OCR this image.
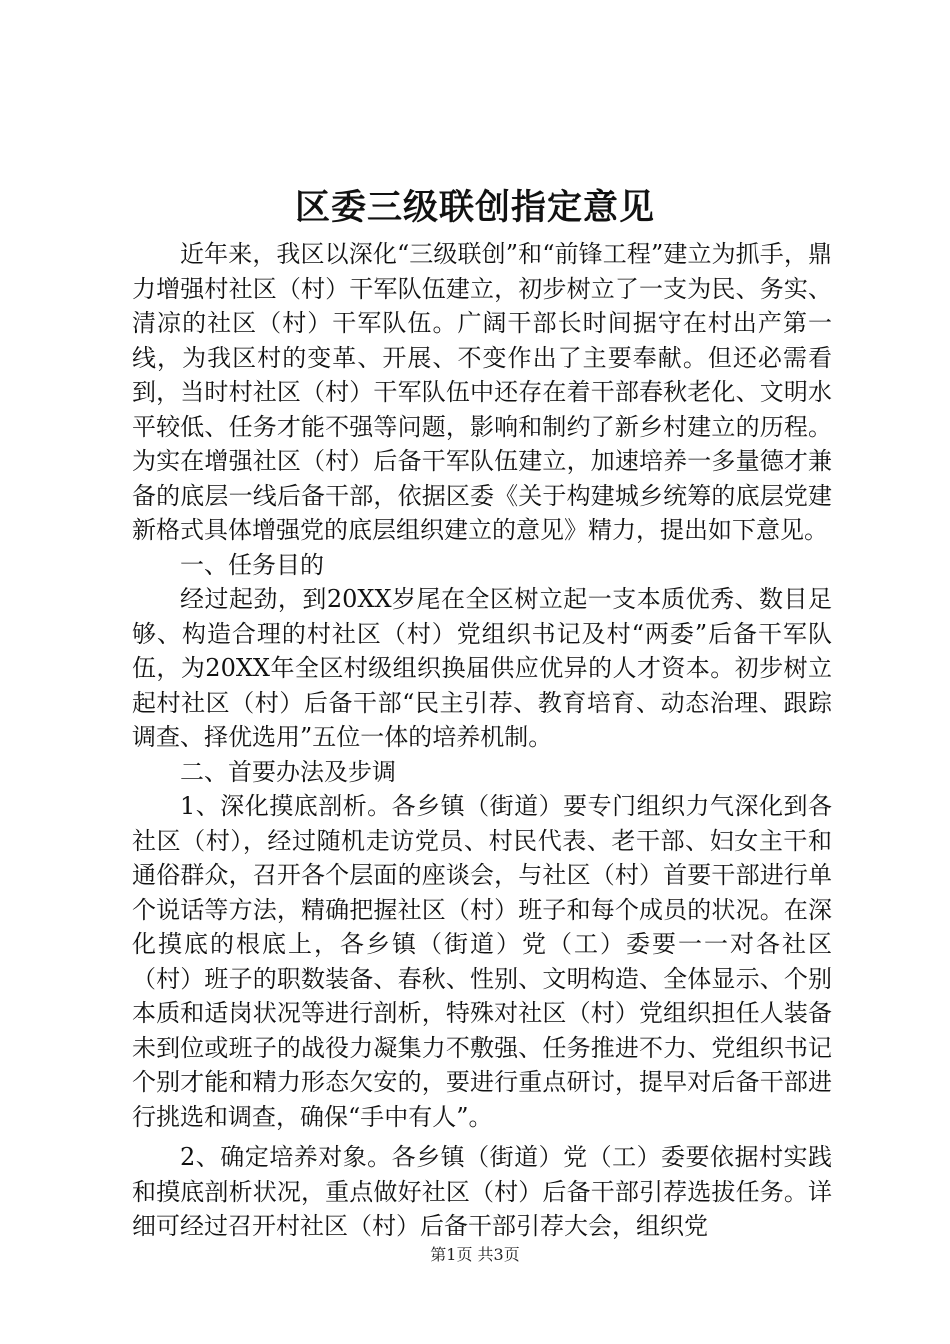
区委三级联创指定意见

近年来，我区以深化“三级联创”和“前锋工程”建立为抓手，鼎力增强村社区（村）干军队伍建立，初步树立了一支为民、务实、清凉的社区（村）干军队伍。广阔干部长时间据守在村出产第一线，为我区村的变革、开展、不变作出了主要奉献。但还必需看到，当时村社区（村）干军队伍中还存在着干部春秋老化、文明水平较低、任务才能不强等问题，影响和制约了新乡村建立的历程。为实在增强社区（村）后备干军队伍建立，加速培养一多量德才兼备的底层一线后备干部，依据区委《关于构建城乡统筹的底层党建新格式具体增强党的底层组织建立的意见》精力，提出如下意见。

一、任务目的

经过起劲，到20XX岁尾在全区树立起一支本质优秀、数目足够、构造合理的村社区（村）党组织书记及村“两委”后备干军队伍，为20XX年全区村级组织换届供应优异的人才资本。初步树立起村社区（村）后备干部“民主引荐、教育培育、动态治理、跟踪调查、择优选用”五位一体的培养机制。

二、首要办法及步调

1、深化摸底剖析。各乡镇（街道）要专门组织力气深化到各社区（村），经过随机走访党员、村民代表、老干部、妇女主干和通俗群众，召开各个层面的座谈会，与社区（村）首要干部进行单个说话等方法，精确把握社区（村）班子和每个成员的状况。在深化摸底的根底上，各乡镇（街道）党（工）委要一一对各社区（村）班子的职数装备、春秋、性别、文明构造、全体显示、个别本质和适岗状况等进行剖析，特殊对社区（村）党组织担任人装备未到位或班子的战役力凝集力不敷强、任务推进不力、党组织书记个别才能和精力形态欠安的，要进行重点研讨，提早对后备干部进行挑选和调查，确保“手中有人”。

2、确定培养对象。各乡镇（街道）党（工）委要依据村实践和摸底剖析状况，重点做好社区（村）后备干部引荐选拔任务。详细可经过召开村社区（村）后备干部引荐大会，组织党

第1页 共3页
